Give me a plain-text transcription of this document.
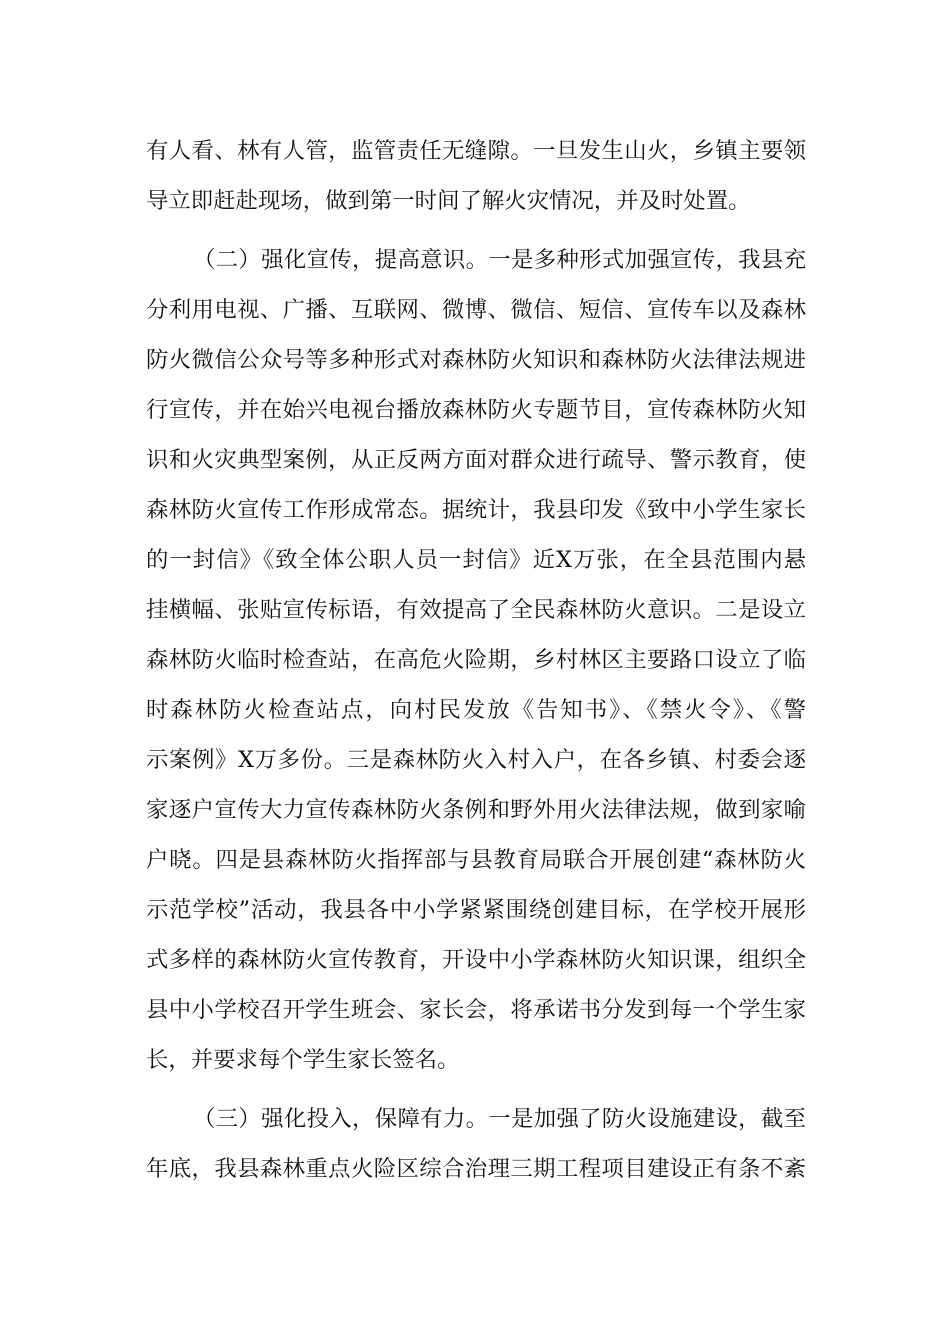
有人看、林有人管，监管责任无缝隙。一旦发生山火，乡镇主要领
导立即赶赴现场，做到第一时间了解火灾情况，并及时处置。
（二）强化宣传，提高意识。一是多种形式加强宣传，我县充
分利用电视、广播、互联网、微博、微信、短信、宣传车以及森林
防火微信公众号等多种形式对森林防火知识和森林防火法律法规进
行宣传，并在始兴电视台播放森林防火专题节目，宣传森林防火知
识和火灾典型案例，从正反两方面对群众进行疏导、警示教育，使
森林防火宣传工作形成常态。据统计，我县印发《致中小学生家长
的一封信》《致全体公职人员一封信》近X万张，在全县范围内悬
挂横幅、张贴宣传标语，有效提高了全民森林防火意识。二是设立
森林防火临时检查站，在高危火险期，乡村林区主要路口设立了临
时森林防火检查站点，向村民发放《告知书》、《禁火令》、《警
示案例》X万多份。三是森林防火入村入户，在各乡镇、村委会逐
家逐户宣传大力宣传森林防火条例和野外用火法律法规，做到家喻
户晓。四是县森林防火指挥部与县教育局联合开展创建“森林防火
示范学校”活动，我县各中小学紧紧围绕创建目标，在学校开展形
式多样的森林防火宣传教育，开设中小学森林防火知识课，组织全
县中小学校召开学生班会、家长会，将承诺书分发到每一个学生家
长，并要求每个学生家长签名。
（三）强化投入，保障有力。一是加强了防火设施建设，截至
年底，我县森林重点火险区综合治理三期工程项目建设正有条不紊
